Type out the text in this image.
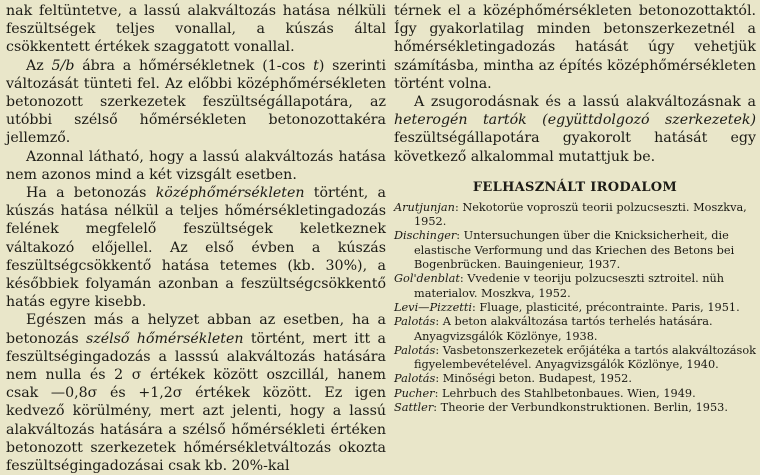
nak feltüntetve, a lassú alakváltozás hatása nélküli feszültségek teljes vonallal, a kúszás által csökkentett értékek szaggatott vonallal.

Az 5/b ábra a hőmérsékletnek (1-cos t) szerinti változását tünteti fel. Az előbbi középhőmérsékleten betonozott szerkezetek feszültségállapotára, az utóbbi szélső hőmérsékleten betonozottakéra jellemző.

Azonnal látható, hogy a lassú alakváltozás hatása nem azonos mind a két vizsgált esetben.

Ha a betonozás középhőmérsékleten történt, a kúszás hatása nélkül a teljes hőmérsékletingadozás felének megfelelő feszültségek keletkeznek váltakozó előjellel. Az első évben a kúszás feszültségcsökkentő hatása tetemes (kb. 30%), a későbbiek folyamán azonban a feszültségcsökkentő hatás egyre kisebb.

Egészen más a helyzet abban az esetben, ha a betonozás szélső hőmérsékleten történt, mert itt a feszültségingadozás a lasssú alakváltozás hatására nem nulla és 2 σ értékek között oszcillál, hanem csak —0,8σ és +1,2σ értékek között. Ez igen kedvező körülmény, mert azt jelenti, hogy a lassú alakváltozás hatására a szélső hőmérsékleti értéken betonozott szerkezetek hőmérsékletváltozás okozta feszültségingadozásai csak kb. 20%-kal

térnek el a középhőmérsékleten betonozottaktól. Így gyakorlatilag minden betonszerkezetnél a hőmérsékletingadozás hatását úgy vehetjük számításba, mintha az építés középhőmérsékleten történt volna.

A zsugorodásnak és a lassú alakváltozásnak a heterogén tartók (együttdolgozó szerkezetek) feszültségállapotára gyakorolt hatását egy következő alkalommal mutattjuk be.

FELHASZNÁLT IRODALOM
Arutjunjan: Nekotorüe voproszü teorii polzucseszti. Moszkva, 1952.
Dischinger: Untersuchungen über die Knicksicherheit, die elastische Verformung und das Kriechen des Betons bei Bogenbrücken. Bauingenieur, 1937.
Gol'denblat: Vvedenie v teoriju polzucseszti sztroitel. nüh materialov. Moszkva, 1952.
Levi—Pizzetti: Fluage, plasticité, précontrainte. Paris, 1951.
Palotás: A beton alakváltozása tartós terhelés hatására. Anyagvizsgálók Közlönye, 1938.
Palotás: Vasbetonszerkezetek erőjátéka a tartós alakváltozások figyelembevételével. Anyagvizsgálók Közlönye, 1940.
Palotás: Minőségi beton. Budapest, 1952.
Pucher: Lehrbuch des Stahlbetonbaues. Wien, 1949.
Sattler: Theorie der Verbundkonstruktionen. Berlin, 1953.
